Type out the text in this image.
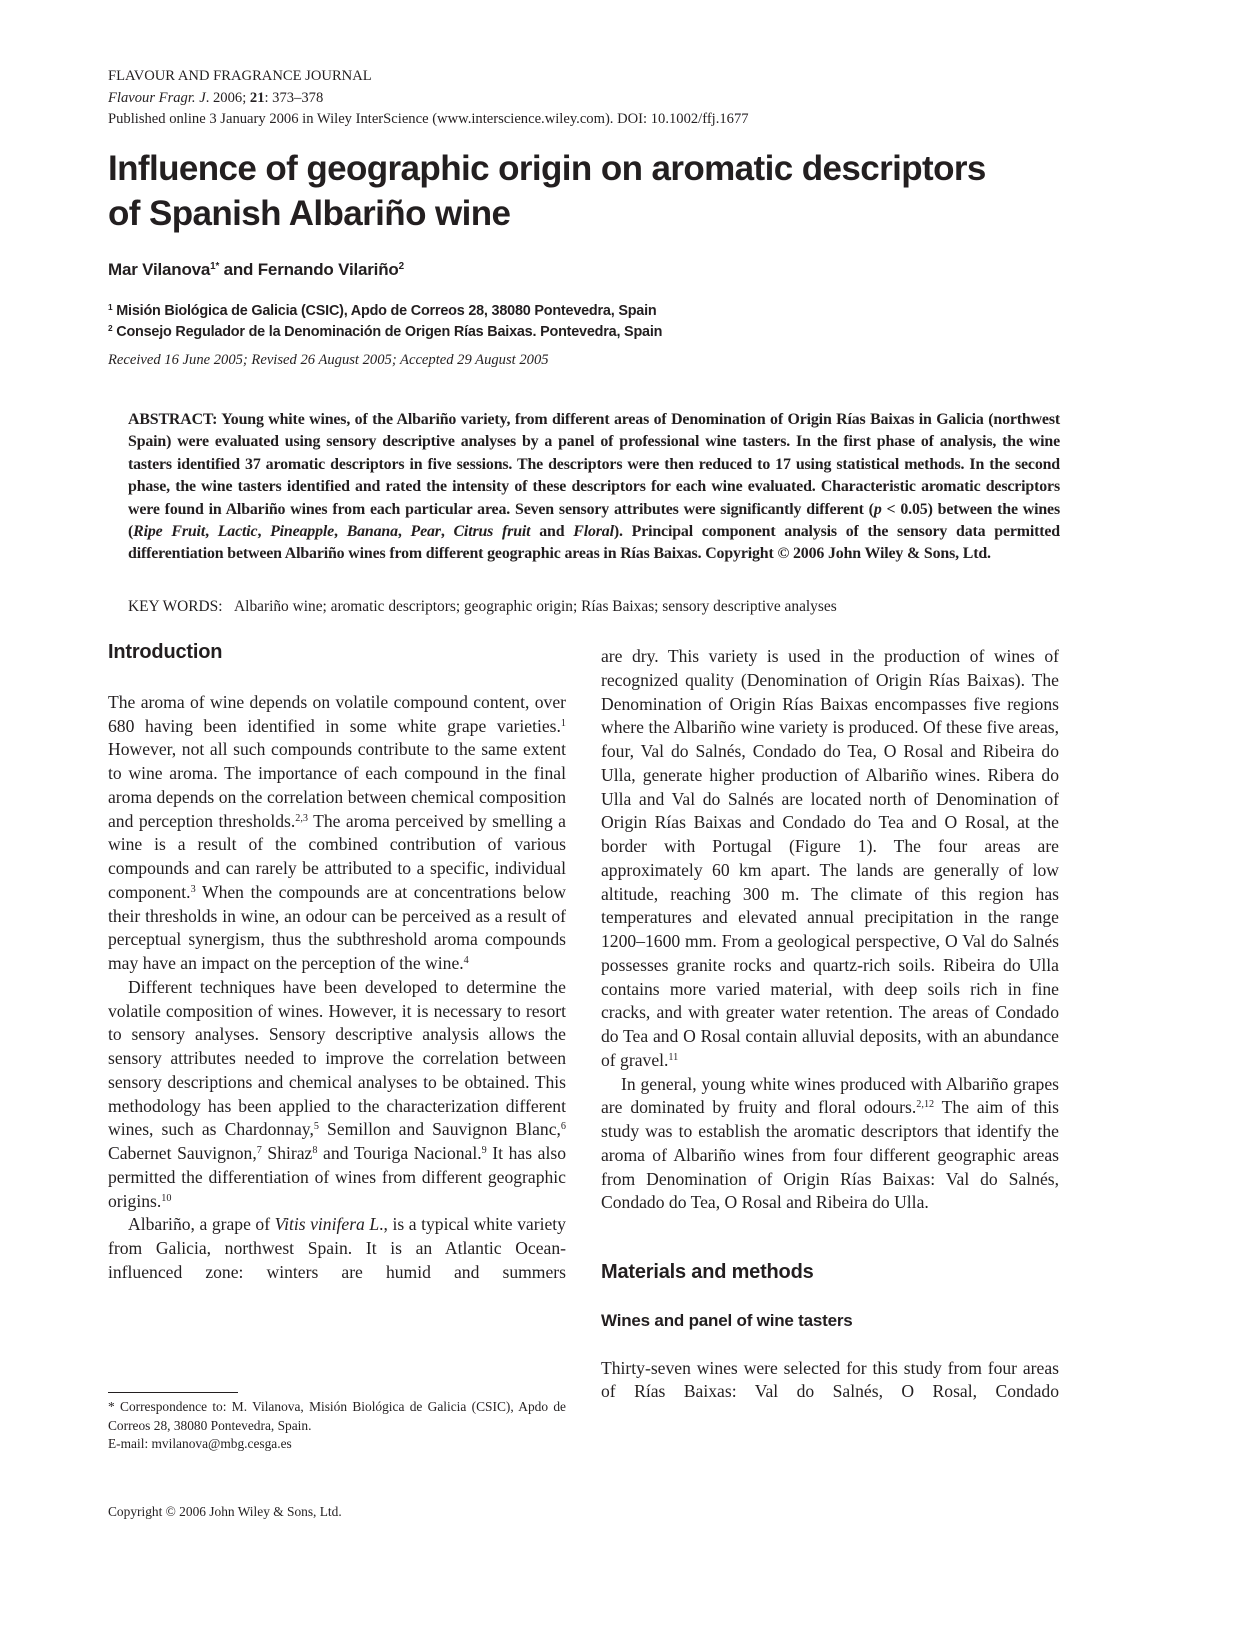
FLAVOUR AND FRAGRANCE JOURNAL
Flavour Fragr. J. 2006; 21: 373–378
Published online 3 January 2006 in Wiley InterScience (www.interscience.wiley.com). DOI: 10.1002/ffj.1677
Influence of geographic origin on aromatic descriptors
of Spanish Albariño wine
Mar Vilanova$^{1*}$ and Fernando Vilariño$^2$
$^1$ Misión Biológica de Galicia (CSIC), Apdo de Correos 28, 38080 Pontevedra, Spain
$^2$ Consejo Regulador de la Denominación de Origen Rías Baixas. Pontevedra, Spain
Received 16 June 2005; Revised 26 August 2005; Accepted 29 August 2005
ABSTRACT: Young white wines, of the Albariño variety, from different areas of Denomination of Origin Rías Baixas in Galicia (northwest Spain) were evaluated using sensory descriptive analyses by a panel of professional wine tasters. In the first phase of analysis, the wine tasters identified 37 aromatic descriptors in five sessions. The descriptors were then reduced to 17 using statistical methods. In the second phase, the wine tasters identified and rated the intensity of these descriptors for each wine evaluated. Characteristic aromatic descriptors were found in Albariño wines from each particular area. Seven sensory attributes were significantly different (p < 0.05) between the wines (Ripe Fruit, Lactic, Pineapple, Banana, Pear, Citrus fruit and Floral). Principal component analysis of the sensory data permitted differentiation between Albariño wines from different geographic areas in Rías Baixas. Copyright © 2006 John Wiley & Sons, Ltd.
KEY WORDS: Albariño wine; aromatic descriptors; geographic origin; Rías Baixas; sensory descriptive analyses
Introduction

The aroma of wine depends on volatile compound content, over 680 having been identified in some white grape varieties.$^1$ However, not all such compounds contribute to the same extent to wine aroma. The importance of each compound in the final aroma depends on the correlation between chemical composition and perception thresholds.$^{2,3}$ The aroma perceived by smelling a wine is a result of the combined contribution of various compounds and can rarely be attributed to a specific, individual component.$^3$ When the compounds are at concentrations below their thresholds in wine, an odour can be perceived as a result of perceptual synergism, thus the subthreshold aroma compounds may have an impact on the perception of the wine.$^4$

Different techniques have been developed to determine the volatile composition of wines. However, it is necessary to resort to sensory analyses. Sensory descriptive analysis allows the sensory attributes needed to improve the correlation between sensory descriptions and chemical analyses to be obtained. This methodology has been applied to the characterization different wines, such as Chardonnay,$^5$ Semillon and Sauvignon Blanc,$^6$ Cabernet Sauvignon,$^7$ Shiraz$^8$ and Touriga Nacional.$^9$ It has also permitted the differentiation of wines from different geographic origins.$^{10}$

Albariño, a grape of Vitis vinifera L., is a typical white variety from Galicia, northwest Spain. It is an Atlantic Ocean-influenced zone: winters are humid and summers

are dry. This variety is used in the production of wines of recognized quality (Denomination of Origin Rías Baixas). The Denomination of Origin Rías Baixas encompasses five regions where the Albariño wine variety is produced. Of these five areas, four, Val do Salnés, Condado do Tea, O Rosal and Ribeira do Ulla, generate higher production of Albariño wines. Ribera do Ulla and Val do Salnés are located north of Denomination of Origin Rías Baixas and Condado do Tea and O Rosal, at the border with Portugal (Figure 1). The four areas are approximately 60 km apart. The lands are generally of low altitude, reaching 300 m. The climate of this region has temperatures and elevated annual precipitation in the range 1200–1600 mm. From a geological perspective, O Val do Salnés possesses granite rocks and quartz-rich soils. Ribeira do Ulla contains more varied material, with deep soils rich in fine cracks, and with greater water retention. The areas of Condado do Tea and O Rosal contain alluvial deposits, with an abundance of gravel.$^{11}$

In general, young white wines produced with Albariño grapes are dominated by fruity and floral odours.$^{2,12}$ The aim of this study was to establish the aromatic descriptors that identify the aroma of Albariño wines from four different geographic areas from Denomination of Origin Rías Baixas: Val do Salnés, Condado do Tea, O Rosal and Ribeira do Ulla.

Materials and methods
Wines and panel of wine tasters

Thirty-seven wines were selected for this study from four areas of Rías Baixas: Val do Salnés, O Rosal, Condado

* Correspondence to: M. Vilanova, Misión Biológica de Galicia (CSIC), Apdo de Correos 28, 38080 Pontevedra, Spain.
E-mail: mvilanova@mbg.cesga.es
Copyright © 2006 John Wiley & Sons, Ltd.
